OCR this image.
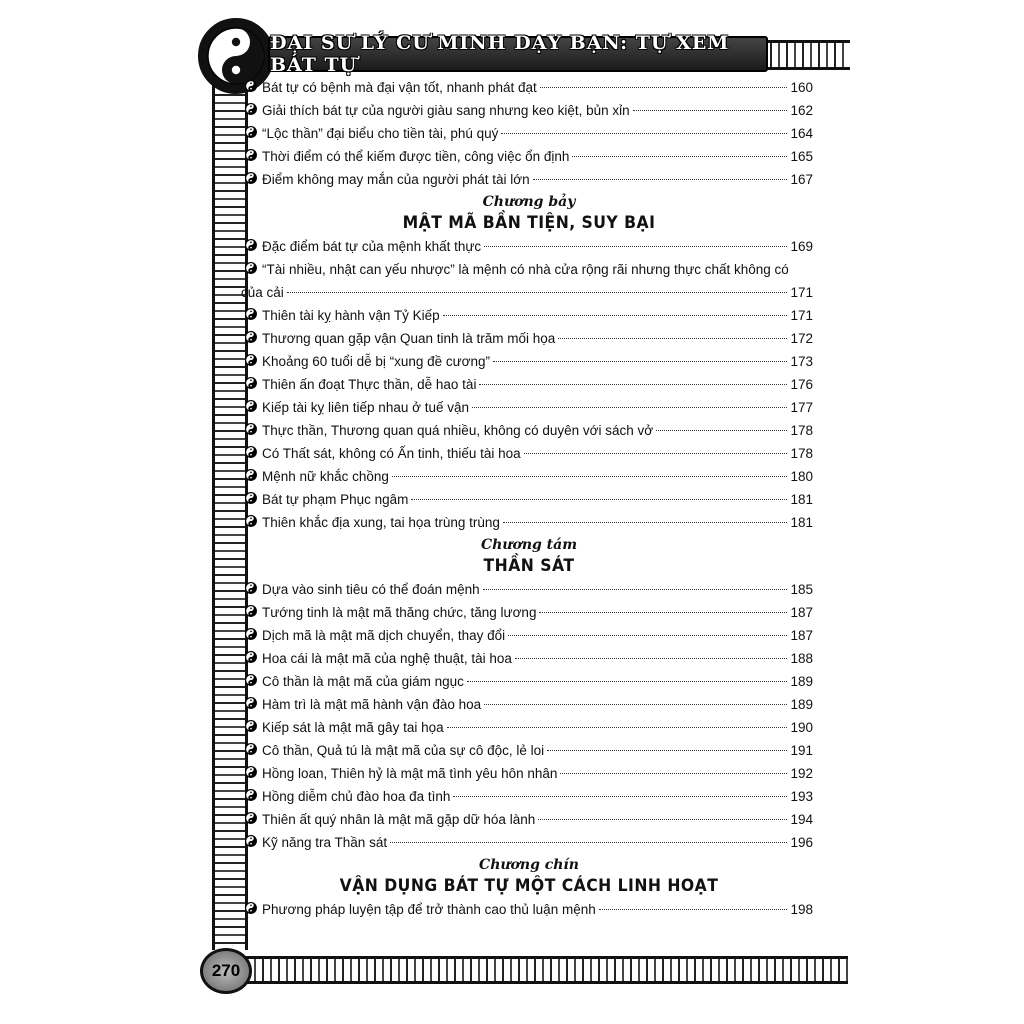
ĐẠI SƯ LÝ CƯ MINH DẠY BẠN: TỰ XEM BÁT TỰ
270
Bát tự có bệnh mà đại vận tốt, nhanh phát đạt	160
Giải thích bát tự của người giàu sang nhưng keo kiệt, bủn xỉn	162
“Lộc thần” đại biểu cho tiền tài, phú quý	164
Thời điểm có thể kiếm được tiền, công việc ổn định	165
Điểm không may mắn của người phát tài lớn	167
Chương bảy
MẬT MÃ BẦN TIỆN, SUY BẠI
Đặc điểm bát tự của mệnh khất thực	169
“Tài nhiều, nhật can yếu nhược” là mệnh có nhà cửa rộng rãi nhưng thực chất không có
của cải	171
Thiên tài kỵ hành vận Tỷ Kiếp	171
Thương quan gặp vận Quan tinh là trăm mối họa	172
Khoảng 60 tuổi dễ bị “xung đề cương”	173
Thiên ấn đoạt Thực thần, dễ hao tài	176
Kiếp tài kỵ liên tiếp nhau ở tuế vận	177
Thực thần, Thương quan quá nhiều, không có duyên với sách vở	178
Có Thất sát, không có Ấn tinh, thiếu tài hoa	178
Mệnh nữ khắc chồng	180
Bát tự phạm Phục ngâm	181
Thiên khắc địa xung, tai họa trùng trùng	181
Chương tám
THẦN SÁT
Dựa vào sinh tiêu có thể đoán mệnh	185
Tướng tinh là mật mã thăng chức, tăng lương	187
Dịch mã là mật mã dịch chuyển, thay đổi	187
Hoa cái là mật mã của nghệ thuật, tài hoa	188
Cô thần là mật mã của giám ngục	189
Hàm trì là mật mã hành vận đào hoa	189
Kiếp sát là mật mã gây tai họa	190
Cô thần, Quả tú là mật mã của sự cô độc, lẻ loi	191
Hồng loan, Thiên hỷ là mật mã tình yêu hôn nhân	192
Hồng diễm chủ đào hoa đa tình	193
Thiên ất quý nhân là mật mã gặp dữ hóa lành	194
Kỹ năng tra Thần sát	196
Chương chín
VẬN DỤNG BÁT TỰ MỘT CÁCH LINH HOẠT
Phương pháp luyện tập để trở thành cao thủ luận mệnh	198
